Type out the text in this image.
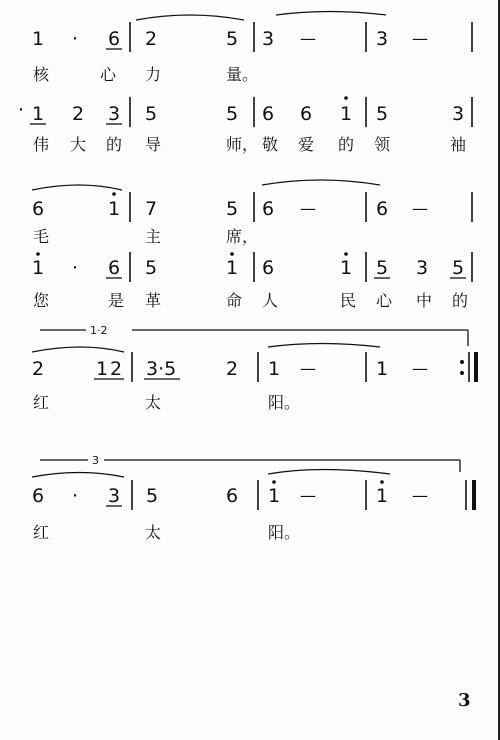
1 · 6 2	5 3 —	3 —
核	心 力	量。
· 1 2 3 5	5 6 6 1 5	3
伟 大 的 导	师， 敬 爱 的 领	袖
6	1 7	5 6 —	6 —
毛	主	席，
1 · 6 5	1 6	1 5 3 5
您	是 革	命 人	民 心 中 的
1·2
2	1 2 3·5	2 1 —	1 —
红	太	阳。
3
6 · 3 5	6 1 —	1 —
红	太	阳。
3
